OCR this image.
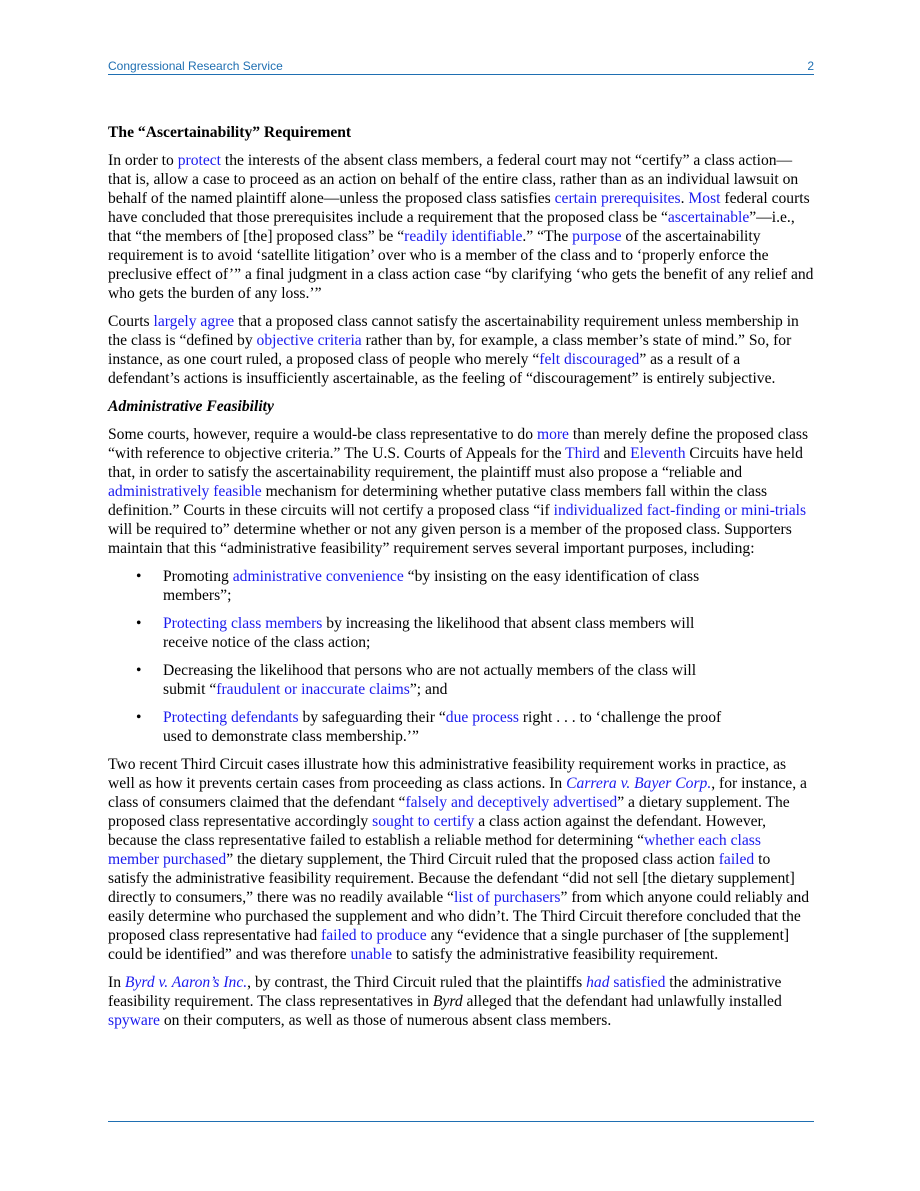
Congressional Research Service	2
The “Ascertainability” Requirement

In order to protect the interests of the absent class members, a federal court may not “certify” a class action—that is, allow a case to proceed as an action on behalf of the entire class, rather than as an individual lawsuit on behalf of the named plaintiff alone—unless the proposed class satisfies certain prerequisites. Most federal courts have concluded that those prerequisites include a requirement that the proposed class be “ascertainable”—i.e., that “the members of [the] proposed class” be “readily identifiable.” “The purpose of the ascertainability requirement is to avoid ‘satellite litigation’ over who is a member of the class and to ‘properly enforce the preclusive effect of’” a final judgment in a class action case “by clarifying ‘who gets the benefit of any relief and who gets the burden of any loss.’”

Courts largely agree that a proposed class cannot satisfy the ascertainability requirement unless membership in the class is “defined by objective criteria rather than by, for example, a class member’s state of mind.” So, for instance, as one court ruled, a proposed class of people who merely “felt discouraged” as a result of a defendant’s actions is insufficiently ascertainable, as the feeling of “discouragement” is entirely subjective.

Administrative Feasibility

Some courts, however, require a would-be class representative to do more than merely define the proposed class “with reference to objective criteria.” The U.S. Courts of Appeals for the Third and Eleventh Circuits have held that, in order to satisfy the ascertainability requirement, the plaintiff must also propose a “reliable and administratively feasible mechanism for determining whether putative class members fall within the class definition.” Courts in these circuits will not certify a proposed class “if individualized fact-finding or mini-trials will be required to” determine whether or not any given person is a member of the proposed class. Supporters maintain that this “administrative feasibility” requirement serves several important purposes, including:

• Promoting administrative convenience “by insisting on the easy identification of class members”;
• Protecting class members by increasing the likelihood that absent class members will receive notice of the class action;
• Decreasing the likelihood that persons who are not actually members of the class will submit “fraudulent or inaccurate claims”; and
• Protecting defendants by safeguarding their “due process right . . . to ‘challenge the proof used to demonstrate class membership.’”

Two recent Third Circuit cases illustrate how this administrative feasibility requirement works in practice, as well as how it prevents certain cases from proceeding as class actions. In Carrera v. Bayer Corp., for instance, a class of consumers claimed that the defendant “falsely and deceptively advertised” a dietary supplement. The proposed class representative accordingly sought to certify a class action against the defendant. However, because the class representative failed to establish a reliable method for determining “whether each class member purchased” the dietary supplement, the Third Circuit ruled that the proposed class action failed to satisfy the administrative feasibility requirement. Because the defendant “did not sell [the dietary supplement] directly to consumers,” there was no readily available “list of purchasers” from which anyone could reliably and easily determine who purchased the supplement and who didn’t. The Third Circuit therefore concluded that the proposed class representative had failed to produce any “evidence that a single purchaser of [the supplement] could be identified” and was therefore unable to satisfy the administrative feasibility requirement.

In Byrd v. Aaron’s Inc., by contrast, the Third Circuit ruled that the plaintiffs had satisfied the administrative feasibility requirement. The class representatives in Byrd alleged that the defendant had unlawfully installed spyware on their computers, as well as those of numerous absent class members.
